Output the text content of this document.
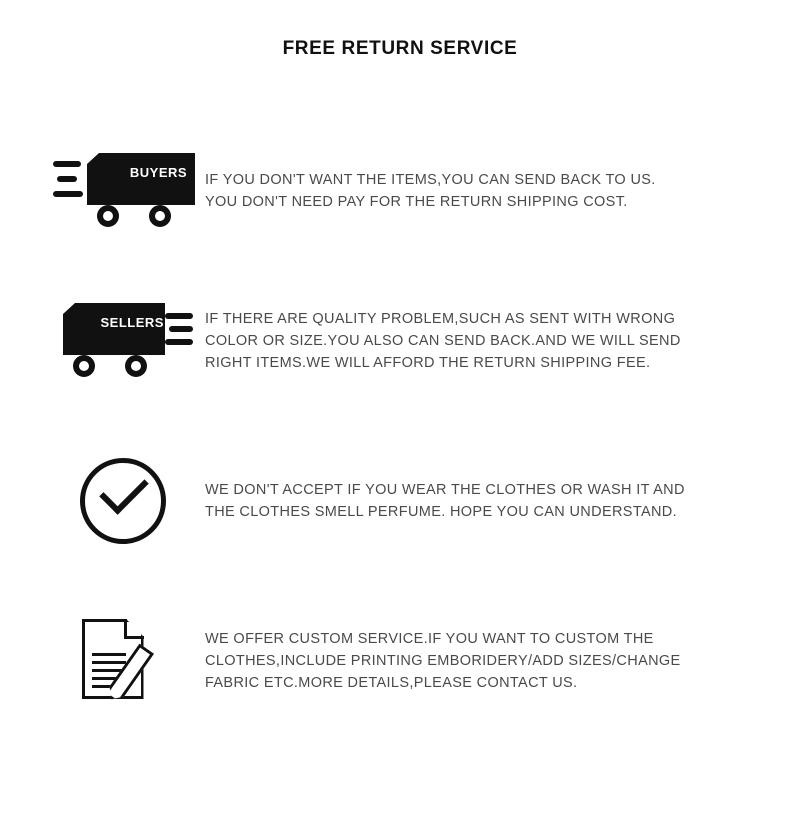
FREE RETURN SERVICE
BUYERS IF YOU DON'T WANT THE ITEMS,YOU CAN SEND BACK TO US.
YOU DON'T NEED PAY FOR THE RETURN SHIPPING COST.
SELLERS	IF THERE ARE QUALITY PROBLEM,SUCH AS SENT WITH WRONG
COLOR OR SIZE.YOU ALSO CAN SEND BACK.AND WE WILL SEND
RIGHT ITEMS.WE WILL AFFORD THE RETURN SHIPPING FEE.
WE DON'T ACCEPT IF YOU WEAR THE CLOTHES OR WASH IT AND
THE CLOTHES SMELL PERFUME. HOPE YOU CAN UNDERSTAND.
WE OFFER CUSTOM SERVICE.IF YOU WANT TO CUSTOM THE
CLOTHES,INCLUDE PRINTING EMBORIDERY/ADD SIZES/CHANGE
FABRIC ETC.MORE DETAILS,PLEASE CONTACT US.
